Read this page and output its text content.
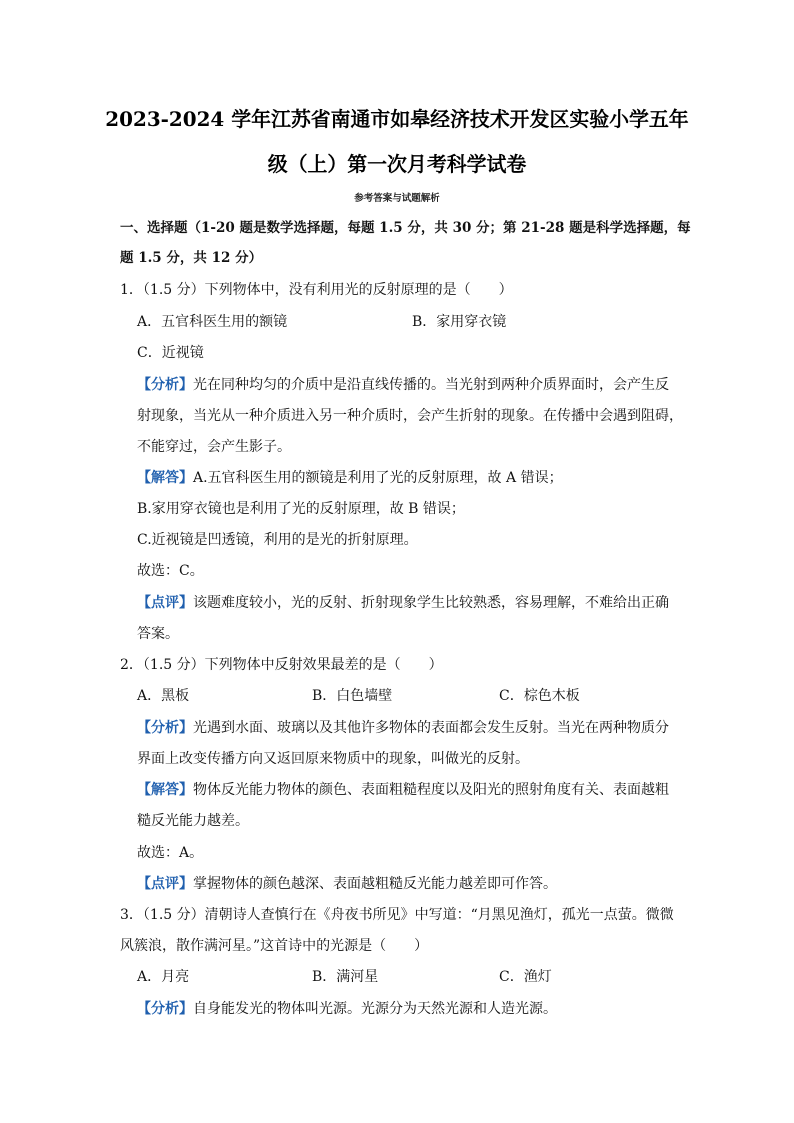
2023-2024 学年江苏省南通市如皋经济技术开发区实验小学五年
级（上）第一次月考科学试卷
参考答案与试题解析
一、选择题（1-20 题是数学选择题，每题 1.5 分，共 30 分；第 21-28 题是科学选择题，每
题 1.5 分，共 12 分）
1．（1.5 分）下列物体中，没有利用光的反射原理的是（　　）
A．五官科医生用的额镜	B．家用穿衣镜
C．近视镜
【分析】光在同种均匀的介质中是沿直线传播的。当光射到两种介质界面时，会产生反
射现象，当光从一种介质进入另一种介质时，会产生折射的现象。在传播中会遇到阻碍，
不能穿过，会产生影子。
【解答】A.五官科医生用的额镜是利用了光的反射原理，故 A 错误；
B.家用穿衣镜也是利用了光的反射原理，故 B 错误；
C.近视镜是凹透镜，利用的是光的折射原理。
故选：C。
【点评】该题难度较小，光的反射、折射现象学生比较熟悉，容易理解，不难给出正确
答案。
2．（1.5 分）下列物体中反射效果最差的是（　　）
A．黑板	B．白色墙壁	C．棕色木板
【分析】光遇到水面、玻璃以及其他许多物体的表面都会发生反射。当光在两种物质分
界面上改变传播方向又返回原来物质中的现象，叫做光的反射。
【解答】物体反光能力物体的颜色、表面粗糙程度以及阳光的照射角度有关、表面越粗
糙反光能力越差。
故选：A。
【点评】掌握物体的颜色越深、表面越粗糙反光能力越差即可作答。
3．（1.5 分）清朝诗人查慎行在《舟夜书所见》中写道：“月黑见渔灯，孤光一点萤。微微
风簇浪，散作满河星。”这首诗中的光源是（　　）
A．月亮	B．满河星	C．渔灯
【分析】自身能发光的物体叫光源。光源分为天然光源和人造光源。
